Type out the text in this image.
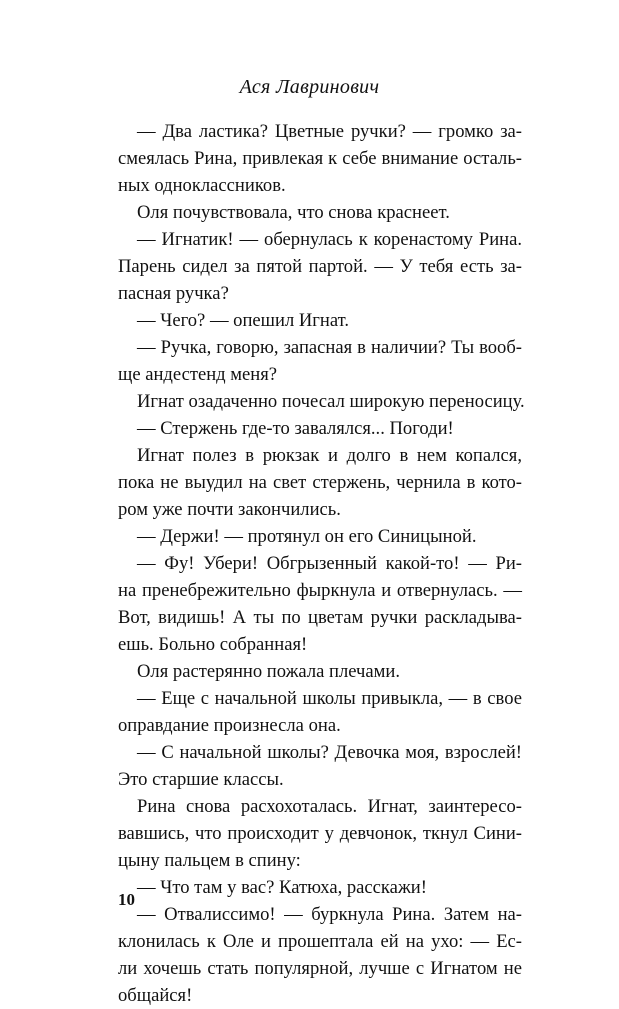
Ася Лавринович
— Два ластика? Цветные ручки? — громко за-
смеялась Рина, привлекая к себе внимание осталь-
ных одноклассников.
Оля почувствовала, что снова краснеет.
— Игнатик! — обернулась к коренастому Рина.
Парень сидел за пятой партой. — У тебя есть за-
пасная ручка?
— Чего? — опешил Игнат.
— Ручка, говорю, запасная в наличии? Ты вооб-
ще андестенд меня?
Игнат озадаченно почесал широкую переносицу.
— Стержень где-то завалялся... Погоди!
Игнат полез в рюкзак и долго в нем копался,
пока не выудил на свет стержень, чернила в кото-
ром уже почти закончились.
— Держи! — протянул он его Синицыной.
— Фу! Убери! Обгрызенный какой-то! — Ри-
на пренебрежительно фыркнула и отвернулась. —
Вот, видишь! А ты по цветам ручки раскладыва-
ешь. Больно собранная!
Оля растерянно пожала плечами.
— Еще с начальной школы привыкла, — в свое
оправдание произнесла она.
— С начальной школы? Девочка моя, взрослей!
Это старшие классы.
Рина снова расхохоталась. Игнат, заинтересо-
вавшись, что происходит у девчонок, ткнул Сини-
цыну пальцем в спину:
— Что там у вас? Катюха, расскажи!
— Отвалиссимо! — буркнула Рина. Затем на-
клонилась к Оле и прошептала ей на ухо: — Ес-
ли хочешь стать популярной, лучше с Игнатом не
общайся!
10
